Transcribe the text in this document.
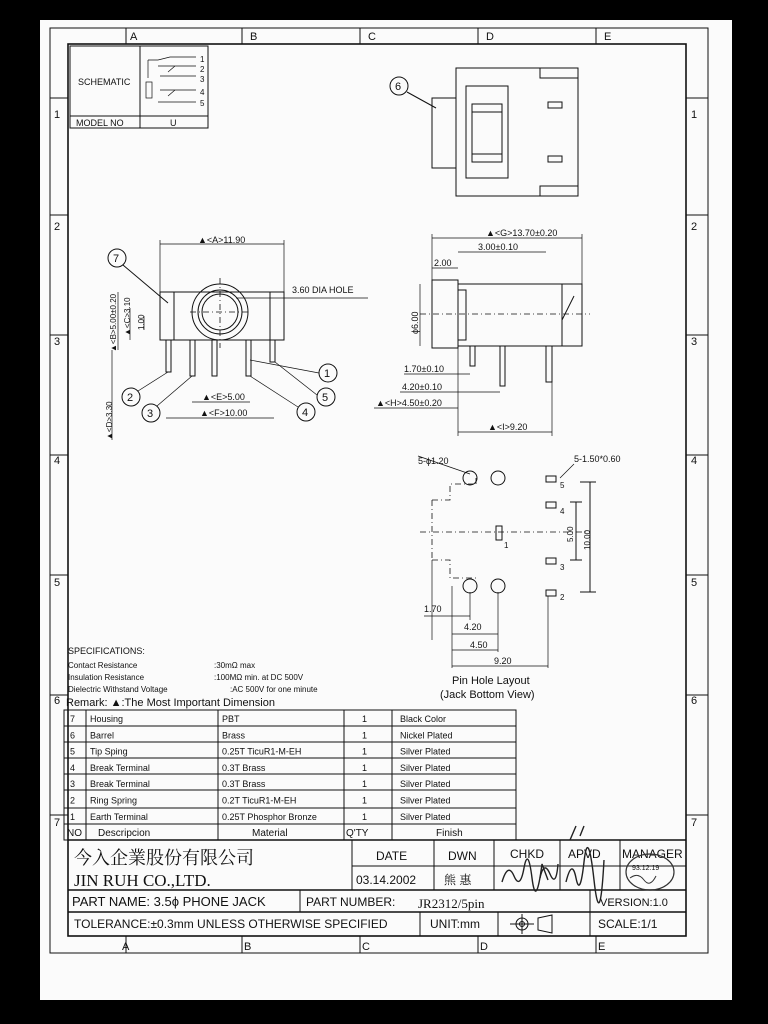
A	B	C	D	E
A	B	C	D	E
1
2
3
4
5
6
7
1
2
3
4
5
6
7
SCHEMATIC
MODEL NO	U
1
2
3
4
5
6
7
▲<A>11.90
3.60 DIA HOLE
▲<B>5.00±0.20 ▲<C>3.10 1.00
▲<D>3.30
▲<E>5.00
▲<F>10.00
1
2
3	4
5
▲<G>13.70±0.20
3.00±0.10
2.00
ϕ6.00
1.70±0.10
4.20±0.10
▲<H>4.50±0.20
▲<I>9.20
5-ϕ1.20	5-1.50*0.60
5
4
1
3
2
5.00 10.00
1.70
4.20
4.50
9.20
Pin Hole Layout
(Jack Bottom View)
SPECIFICATIONS:
Contact Resistance	:30mΩ max
Insulation Resistance	:100MΩ min. at DC 500V
Dielectric Withstand Voltage	:AC 500V for one minute
Remark: ▲:The Most Important Dimension
7 Housing	PBT	1	Black Color
6 Barrel	Brass	1	Nickel Plated
5 Tip Sping	0.25T TicuR1-M-EH	1	Silver Plated
4 Break Terminal	0.3T Brass	1	Silver Plated
3 Break Terminal	0.3T Brass	1	Silver Plated
2 Ring Spring	0.2T TicuR1-M-EH	1	Silver Plated
1 Earth Terminal	0.25T Phosphor Bronze	1	Silver Plated
NO Descripcion	Material	Q'TY	Finish
今入企業股份有限公司
JIN RUH CO.,LTD.
DATE
03.14.2002
DWN
熊 惠
CHKD APVD MANAGER
93.12.19
PART NAME: 3.5ϕ PHONE JACK	PART NUMBER: JR2312/5pin	VERSION:1.0
TOLERANCE:±0.3mm UNLESS OTHERWISE SPECIFIED	UNIT:mm	SCALE:1/1
